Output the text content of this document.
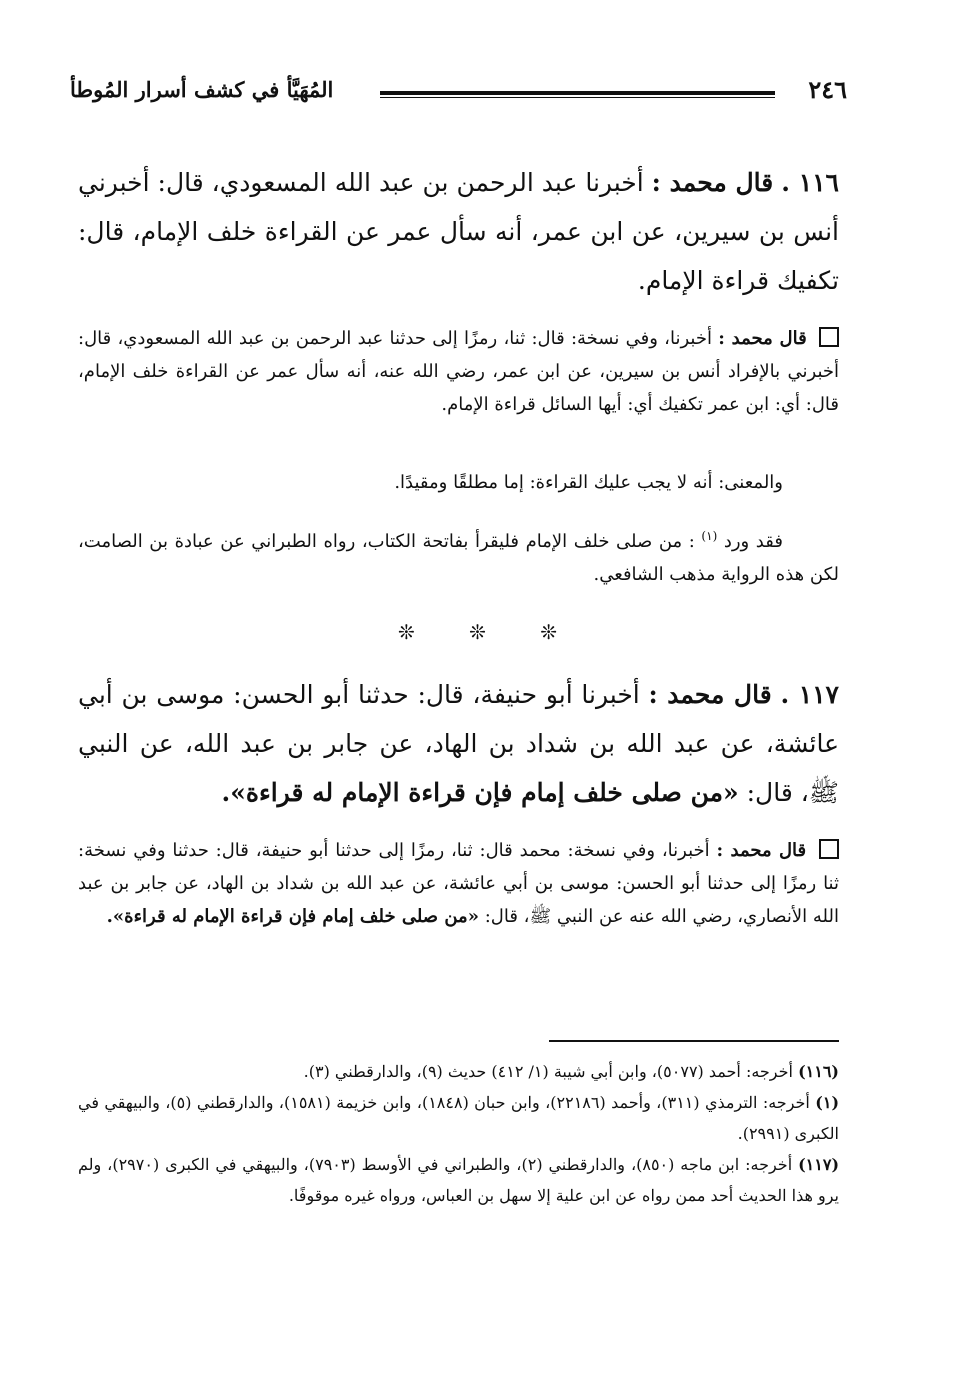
٢٤٦
المُهَيَّأ في كشف أسرار المُوطأ
١١٦ . قال محمد : أخبرنا عبد الرحمن بن عبد الله المسعودي، قال: أخبرني أنس بن سيرين، عن ابن عمر، أنه سأل عمر عن القراءة خلف الإمام، قال: تكفيك قراءة الإمام.
قال محمد : أخبرنا، وفي نسخة: قال: ثنا، رمزًا إلى حدثنا عبد الرحمن بن عبد الله المسعودي، قال: أخبرني بالإفراد أنس بن سيرين، عن ابن عمر، رضي الله عنه، أنه سأل عمر عن القراءة خلف الإمام، قال: أي: ابن عمر تكفيك أي: أيها السائل قراءة الإمام.
والمعنى: أنه لا يجب عليك القراءة: إما مطلقًا ومقيدًا.
فقد ورد $^{(١)}$ : من صلى خلف الإمام فليقرأ بفاتحة الكتاب، رواه الطبراني عن عبادة بن الصامت، لكن هذه الرواية مذهب الشافعي.
❊ ❊ ❊
١١٧ . قال محمد : أخبرنا أبو حنيفة، قال: حدثنا أبو الحسن: موسى بن أبي عائشة، عن عبد الله بن شداد بن الهاد، عن جابر بن عبد الله، عن النبي ﷺ، قال: «من صلى خلف إمام فإن قراءة الإمام له قراءة».
قال محمد : أخبرنا، وفي نسخة: محمد قال: ثنا، رمزًا إلى حدثنا أبو حنيفة، قال: حدثنا وفي نسخة: ثنا رمزًا إلى حدثنا أبو الحسن: موسى بن أبي عائشة، عن عبد الله بن شداد بن الهاد، عن جابر بن عبد الله الأنصاري، رضي الله عنه عن النبي ﷺ، قال: «من صلى خلف إمام فإن قراءة الإمام له قراءة».
(١١٦) أخرجه: أحمد (٥٠٧٧)، وابن أبي شيبة (١/ ٤١٢) حديث (٩)، والدارقطني (٣).
(١) أخرجه: الترمذي (٣١١)، وأحمد (٢٢١٨٦)، وابن حبان (١٨٤٨)، وابن خزيمة (١٥٨١)، والدارقطني (٥)، والبيهقي في الكبرى (٢٩٩١).
(١١٧) أخرجه: ابن ماجه (٨٥٠)، والدارقطني (٢)، والطبراني في الأوسط (٧٩٠٣)، والبيهقي في الكبرى (٢٩٧٠)، ولم يرو هذا الحديث أحد ممن رواه عن ابن علية إلا سهل بن العباس، ورواه غيره موقوفًا.
